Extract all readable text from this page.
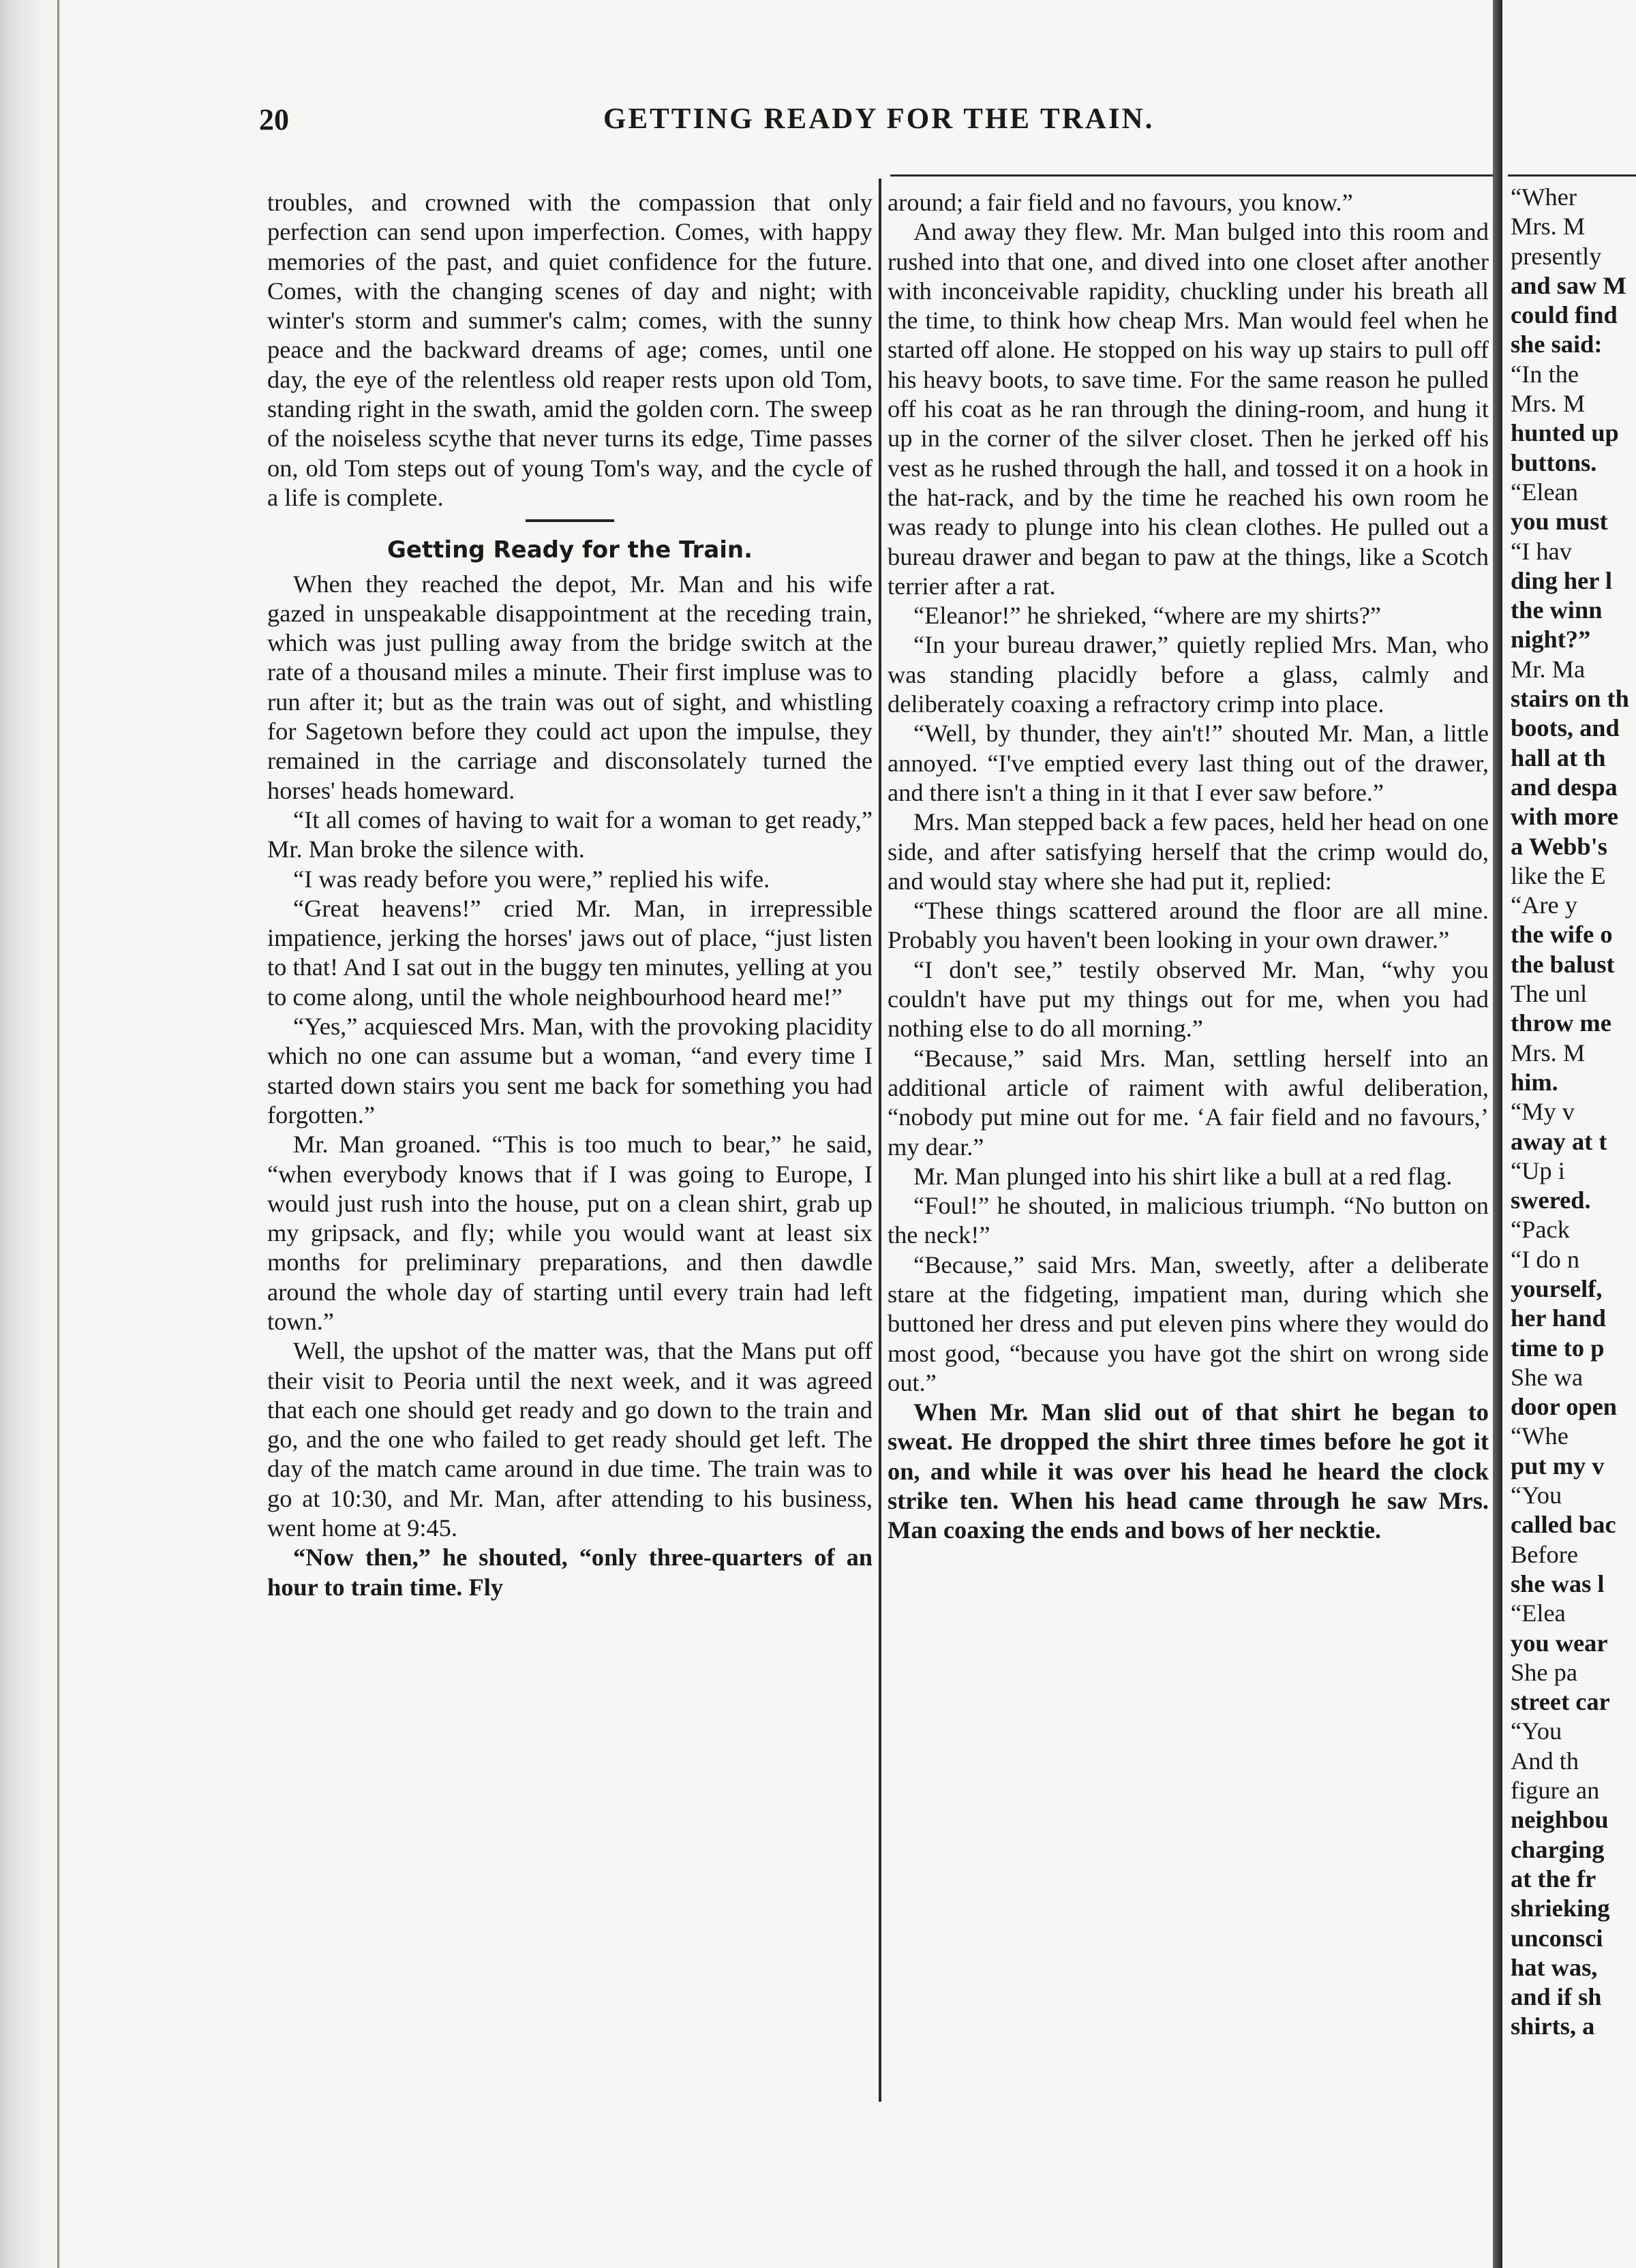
20	GETTING READY FOR THE TRAIN.

troubles, and crowned with the compassion that only perfection can send upon imperfection. Comes, with happy memories of the past, and quiet confidence for the future. Comes, with the changing scenes of day and night; with winter's storm and summer's calm; comes, with the sunny peace and the backward dreams of age; comes, until one day, the eye of the relentless old reaper rests upon old Tom, standing right in the swath, amid the golden corn. The sweep of the noiseless scythe that never turns its edge, Time passes on, old Tom steps out of young Tom's way, and the cycle of a life is complete.

Getting Ready for the Train.

When they reached the depot, Mr. Man and his wife gazed in unspeakable disappointment at the receding train, which was just pulling away from the bridge switch at the rate of a thousand miles a minute. Their first impluse was to run after it; but as the train was out of sight, and whistling for Sagetown before they could act upon the impulse, they remained in the carriage and disconsolately turned the horses' heads homeward.

“It all comes of having to wait for a woman to get ready,” Mr. Man broke the silence with.

“I was ready before you were,” replied his wife.

“Great heavens!” cried Mr. Man, in irrepressible impatience, jerking the horses' jaws out of place, “just listen to that! And I sat out in the buggy ten minutes, yelling at you to come along, until the whole neighbourhood heard me!”

“Yes,” acquiesced Mrs. Man, with the provoking placidity which no one can assume but a woman, “and every time I started down stairs you sent me back for something you had forgotten.”

Mr. Man groaned. “This is too much to bear,” he said, “when everybody knows that if I was going to Europe, I would just rush into the house, put on a clean shirt, grab up my gripsack, and fly; while you would want at least six months for preliminary preparations, and then dawdle around the whole day of starting until every train had left town.”

Well, the upshot of the matter was, that the Mans put off their visit to Peoria until the next week, and it was agreed that each one should get ready and go down to the train and go, and the one who failed to get ready should get left. The day of the match came around in due time. The train was to go at 10:30, and Mr. Man, after attending to his business, went home at 9:45.

“Now then,” he shouted, “only three-quarters of an hour to train time. Fly

around; a fair field and no favours, you know.”

And away they flew. Mr. Man bulged into this room and rushed into that one, and dived into one closet after another with inconceivable rapidity, chuckling under his breath all the time, to think how cheap Mrs. Man would feel when he started off alone. He stopped on his way up stairs to pull off his heavy boots, to save time. For the same reason he pulled off his coat as he ran through the dining-room, and hung it up in the corner of the silver closet. Then he jerked off his vest as he rushed through the hall, and tossed it on a hook in the hat-rack, and by the time he reached his own room he was ready to plunge into his clean clothes. He pulled out a bureau drawer and began to paw at the things, like a Scotch terrier after a rat.

“Eleanor!” he shrieked, “where are my shirts?”

“In your bureau drawer,” quietly replied Mrs. Man, who was standing placidly before a glass, calmly and deliberately coaxing a refractory crimp into place.

“Well, by thunder, they ain't!” shouted Mr. Man, a little annoyed. “I've emptied every last thing out of the drawer, and there isn't a thing in it that I ever saw before.”

Mrs. Man stepped back a few paces, held her head on one side, and after satisfying herself that the crimp would do, and would stay where she had put it, replied:

“These things scattered around the floor are all mine. Probably you haven't been looking in your own drawer.”

“I don't see,” testily observed Mr. Man, “why you couldn't have put my things out for me, when you had nothing else to do all morning.”

“Because,” said Mrs. Man, settling herself into an additional article of raiment with awful deliberation, “nobody put mine out for me. ‘A fair field and no favours,’ my dear.”

Mr. Man plunged into his shirt like a bull at a red flag.

“Foul!” he shouted, in malicious triumph. “No button on the neck!”

“Because,” said Mrs. Man, sweetly, after a deliberate stare at the fidgeting, impatient man, during which she buttoned her dress and put eleven pins where they would do most good, “because you have got the shirt on wrong side out.”

When Mr. Man slid out of that shirt he began to sweat. He dropped the shirt three times before he got it on, and while it was over his head he heard the clock strike ten. When his head came through he saw Mrs. Man coaxing the ends and bows of her necktie.

“Wher
Mrs. M
presently
and saw M
could find
she said:
“In the
Mrs. M
hunted up
buttons.
“Elean
you must
“I hav
ding her l
the winn
night?”
Mr. Ma
stairs on th
boots, and
hall at th
and despa
with more
a Webb's
like the E
“Are y
the wife o
the balust
The unl
throw me
Mrs. M
him.
“My v
away at t
“Up i
swered.
“Pack
“I do n
yourself,
her hand
time to p
She wa
door open
“Whe
put my v
“You
called bac
Before
she was l
“Elea
you wear
She pa
street car
“You
And th
figure an
neighbou
charging
at the fr
shrieking
unconsci
hat was,
and if sh
shirts, a
